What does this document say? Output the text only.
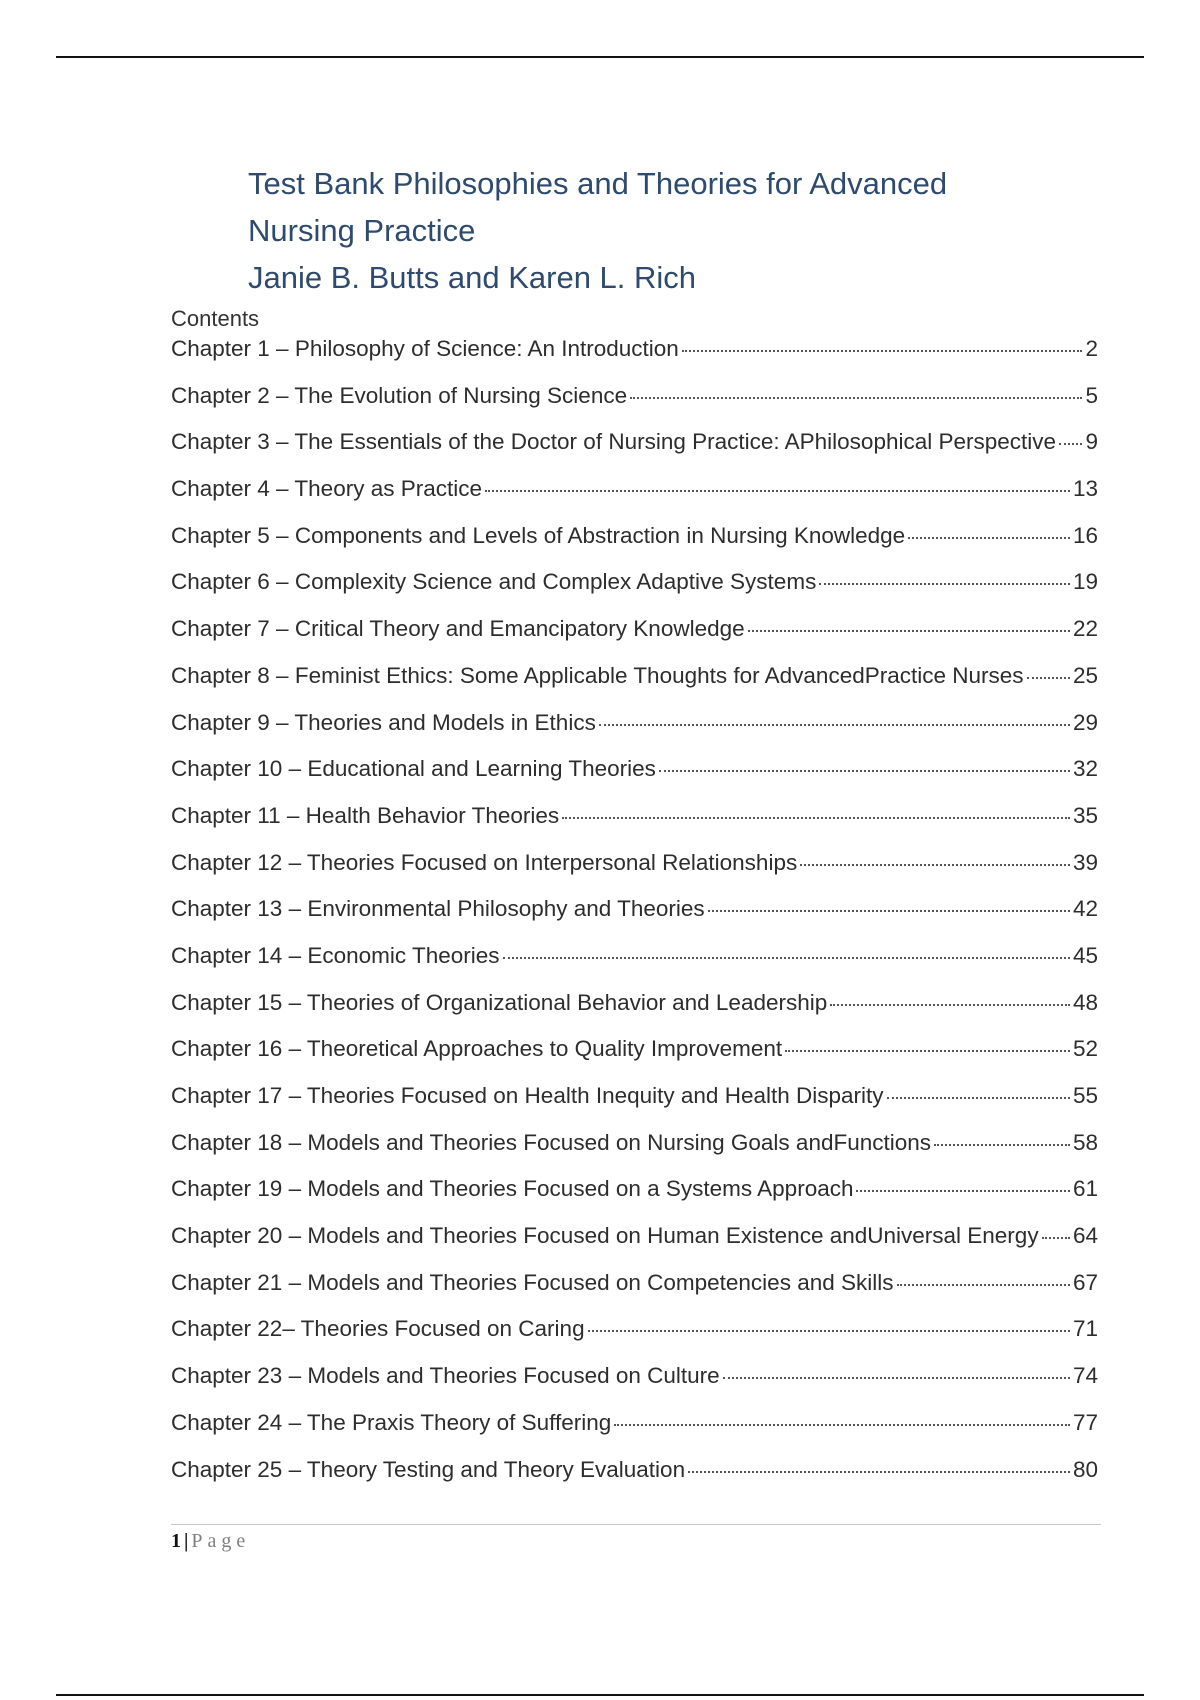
Test Bank Philosophies and Theories for Advanced Nursing Practice
Janie B. Butts and Karen L. Rich
Contents
Chapter 1 – Philosophy of Science: An Introduction	2
Chapter 2 – The Evolution of Nursing Science	5
Chapter 3 – The Essentials of the Doctor of Nursing Practice: APhilosophical Perspective 9
Chapter 4 – Theory as Practice	13
Chapter 5 – Components and Levels of Abstraction in Nursing Knowledge	16
Chapter 6 – Complexity Science and Complex Adaptive Systems	19
Chapter 7 – Critical Theory and Emancipatory Knowledge	22
Chapter 8 – Feminist Ethics: Some Applicable Thoughts for AdvancedPractice Nurses 25
Chapter 9 – Theories and Models in Ethics	29
Chapter 10 – Educational and Learning Theories	32
Chapter 11 – Health Behavior Theories	35
Chapter 12 – Theories Focused on Interpersonal Relationships	39
Chapter 13 – Environmental Philosophy and Theories	42
Chapter 14 – Economic Theories	45
Chapter 15 – Theories of Organizational Behavior and Leadership	48
Chapter 16 – Theoretical Approaches to Quality Improvement	52
Chapter 17 – Theories Focused on Health Inequity and Health Disparity	55
Chapter 18 – Models and Theories Focused on Nursing Goals andFunctions	58
Chapter 19 – Models and Theories Focused on a Systems Approach	61
Chapter 20 – Models and Theories Focused on Human Existence andUniversal Energy 64
Chapter 21 – Models and Theories Focused on Competencies and Skills	67
Chapter 22– Theories Focused on Caring	71
Chapter 23 – Models and Theories Focused on Culture	74
Chapter 24 – The Praxis Theory of Suffering	77
Chapter 25 – Theory Testing and Theory Evaluation	80
1 | Page
